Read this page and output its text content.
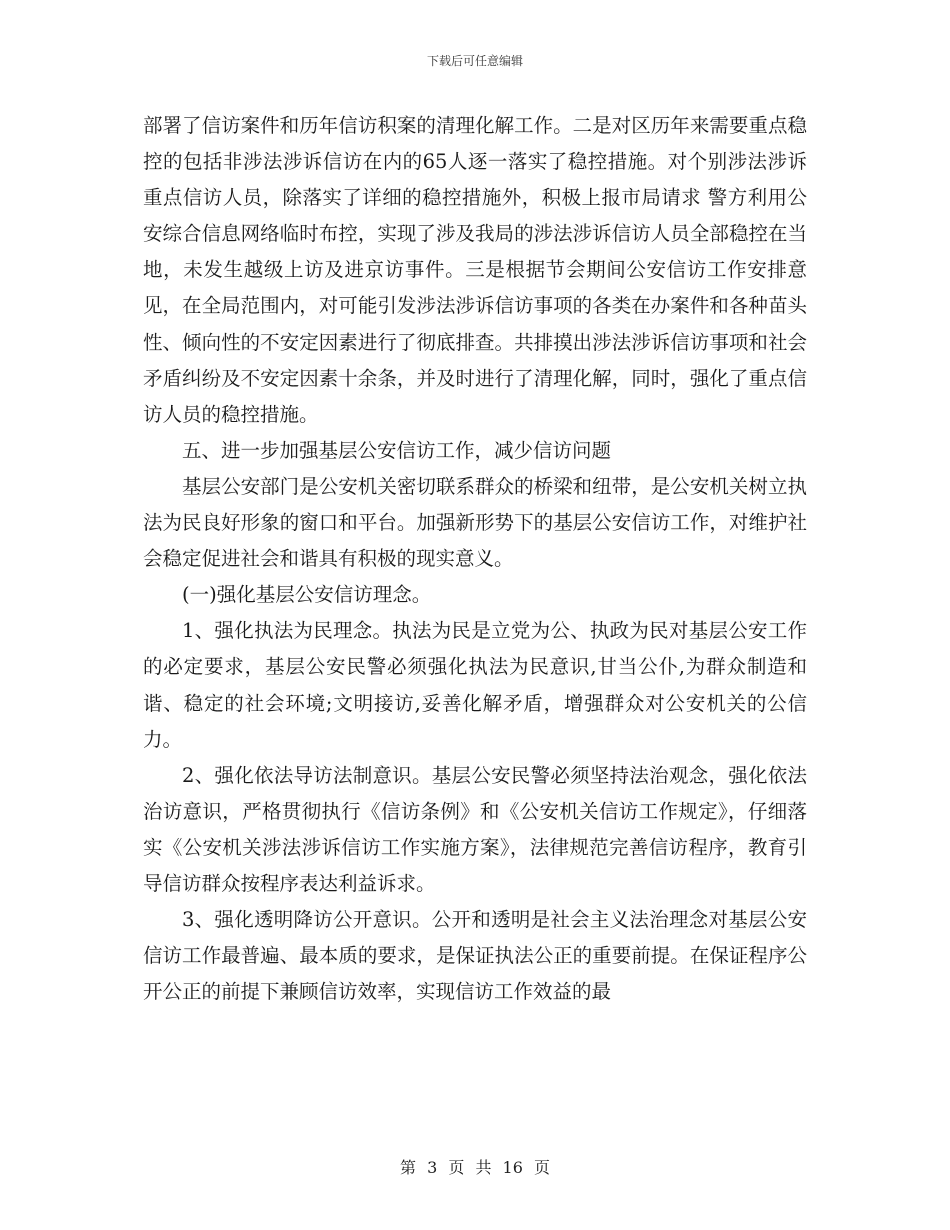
下载后可任意编辑

部署了信访案件和历年信访积案的清理化解工作。二是对区历年来需要重点稳控的包括非涉法涉诉信访在内的65人逐一落实了稳控措施。对个别涉法涉诉重点信访人员，除落实了详细的稳控措施外，积极上报市局请求 警方利用公安综合信息网络临时布控，实现了涉及我局的涉法涉诉信访人员全部稳控在当地，未发生越级上访及进京访事件。三是根据节会期间公安信访工作安排意见，在全局范围内，对可能引发涉法涉诉信访事项的各类在办案件和各种苗头性、倾向性的不安定因素进行了彻底排查。共排摸出涉法涉诉信访事项和社会矛盾纠纷及不安定因素十余条，并及时进行了清理化解，同时，强化了重点信访人员的稳控措施。

五、进一步加强基层公安信访工作，减少信访问题

基层公安部门是公安机关密切联系群众的桥梁和纽带，是公安机关树立执法为民良好形象的窗口和平台。加强新形势下的基层公安信访工作，对维护社会稳定促进社会和谐具有积极的现实意义。

(一)强化基层公安信访理念。

1、强化执法为民理念。执法为民是立党为公、执政为民对基层公安工作的必定要求，基层公安民警必须强化执法为民意识,甘当公仆,为群众制造和谐、稳定的社会环境;文明接访,妥善化解矛盾，增强群众对公安机关的公信力。

2、强化依法导访法制意识。基层公安民警必须坚持法治观念，强化依法治访意识，严格贯彻执行《信访条例》和《公安机关信访工作规定》，仔细落实《公安机关涉法涉诉信访工作实施方案》，法律规范完善信访程序，教育引导信访群众按程序表达利益诉求。

3、强化透明降访公开意识。公开和透明是社会主义法治理念对基层公安信访工作最普遍、最本质的要求，是保证执法公正的重要前提。在保证程序公开公正的前提下兼顾信访效率，实现信访工作效益的最

第 3 页 共 16 页
